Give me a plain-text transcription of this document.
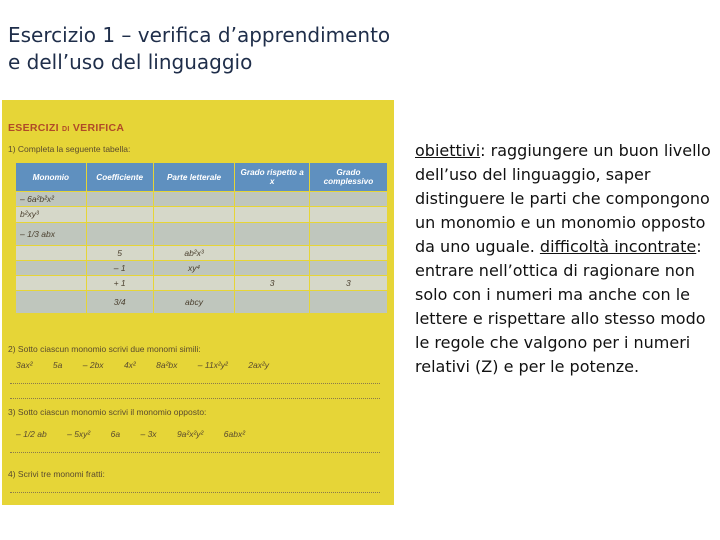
Esercizio 1 – verifica d’apprendimento
e dell’uso del linguaggio
ESERCIZI DI VERIFICA
1) Completa la seguente tabella:
Monomio	Coefficiente	Parte letterale	Grado rispetto a x	Grado complessivo
– 6a²b²x²				
b²xy³				
– 1/3 abx				
	5	ab²x³		
	– 1	xy⁴		
	+ 1		3	3
	3/4	abcy		
2) Sotto ciascun monomio scrivi due monomi simili:
3ax² 5a – 2bx 4x² 8a²bx – 11x²y² 2ax²y
3) Sotto ciascun monomio scrivi il monomio opposto:
– 1/2 ab – 5xy² 6a – 3x 9a²x²y² 6abx²
4) Scrivi tre monomi fratti:
obiettivi: raggiungere un buon livello dell’uso del linguaggio, saper distinguere le parti che compongono un monomio e un monomio opposto da uno uguale. difficoltà incontrate: entrare nell’ottica di ragionare non solo con i numeri ma anche con le lettere e rispettare allo stesso modo le regole che valgono per i numeri relativi (Z) e per le potenze.
